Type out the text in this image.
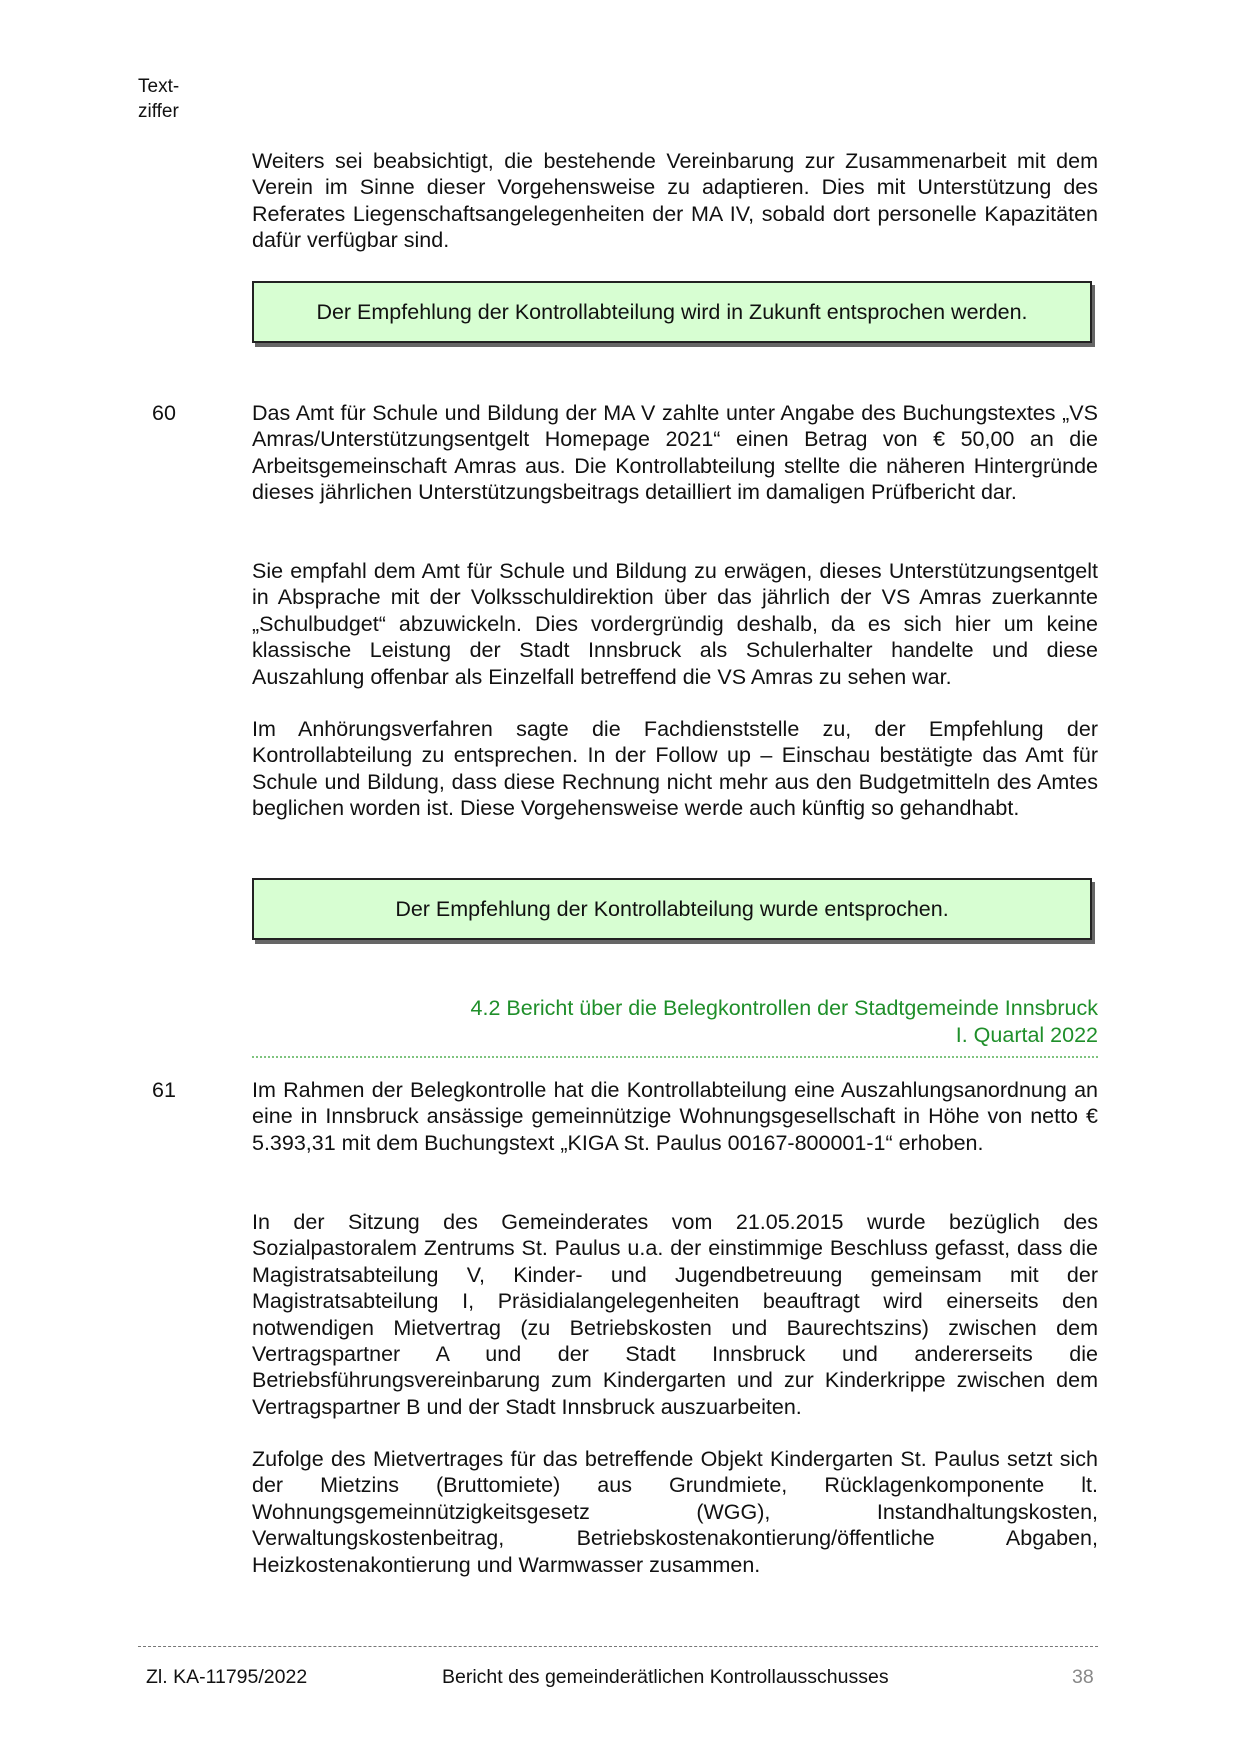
Text-
ziffer

Weiters sei beabsichtigt, die bestehende Vereinbarung zur Zusammenarbeit mit dem Verein im Sinne dieser Vorgehensweise zu adaptieren. Dies mit Unterstützung des Referates Liegenschaftsangelegenheiten der MA IV, sobald dort personelle Kapazitäten dafür verfügbar sind.

Der Empfehlung der Kontrollabteilung wird in Zukunft entsprochen werden.
60	Das Amt für Schule und Bildung der MA V zahlte unter Angabe des Buchungstextes „VS Amras/Unterstützungsentgelt Homepage 2021“ einen Betrag von € 50,00 an die Arbeitsgemeinschaft Amras aus. Die Kontrollabteilung stellte die näheren Hintergründe dieses jährlichen Unterstützungsbeitrags detailliert im damaligen Prüfbericht dar.

Sie empfahl dem Amt für Schule und Bildung zu erwägen, dieses Unterstützungsentgelt in Absprache mit der Volksschuldirektion über das jährlich der VS Amras zuerkannte „Schulbudget“ abzuwickeln. Dies vordergründig deshalb, da es sich hier um keine klassische Leistung der Stadt Innsbruck als Schulerhalter handelte und diese Auszahlung offenbar als Einzelfall betreffend die VS Amras zu sehen war.

Im Anhörungsverfahren sagte die Fachdienststelle zu, der Empfehlung der Kontrollabteilung zu entsprechen. In der Follow up – Einschau bestätigte das Amt für Schule und Bildung, dass diese Rechnung nicht mehr aus den Budgetmitteln des Amtes beglichen worden ist. Diese Vorgehensweise werde auch künftig so gehandhabt.

Der Empfehlung der Kontrollabteilung wurde entsprochen.
4.2 Bericht über die Belegkontrollen der Stadtgemeinde Innsbruck
I. Quartal 2022
61	Im Rahmen der Belegkontrolle hat die Kontrollabteilung eine Auszahlungsanordnung an eine in Innsbruck ansässige gemeinnützige Wohnungsgesellschaft in Höhe von netto € 5.393,31 mit dem Buchungstext „KIGA St. Paulus 00167-800001-1“ erhoben.

In der Sitzung des Gemeinderates vom 21.05.2015 wurde bezüglich des Sozialpastoralem Zentrums St. Paulus u.a. der einstimmige Beschluss gefasst, dass die Magistratsabteilung V, Kinder- und Jugendbetreuung gemeinsam mit der Magistratsabteilung I, Präsidialangelegenheiten beauftragt wird einerseits den notwendigen Mietvertrag (zu Betriebskosten und Baurechtszins) zwischen dem Vertragspartner A und der Stadt Innsbruck und andererseits die Betriebsführungsvereinbarung zum Kindergarten und zur Kinderkrippe zwischen dem Vertragspartner B und der Stadt Innsbruck auszuarbeiten.

Zufolge des Mietvertrages für das betreffende Objekt Kindergarten St. Paulus setzt sich der Mietzins (Bruttomiete) aus Grundmiete, Rücklagenkomponente lt. Wohnungsgemeinnützigkeitsgesetz (WGG), Instandhaltungskosten, Verwaltungskostenbeitrag, Betriebskostenakontierung/öffentliche Abgaben, Heizkostenakontierung und Warmwasser zusammen.

Zl. KA-11795/2022	Bericht des gemeinderätlichen Kontrollausschusses	38
